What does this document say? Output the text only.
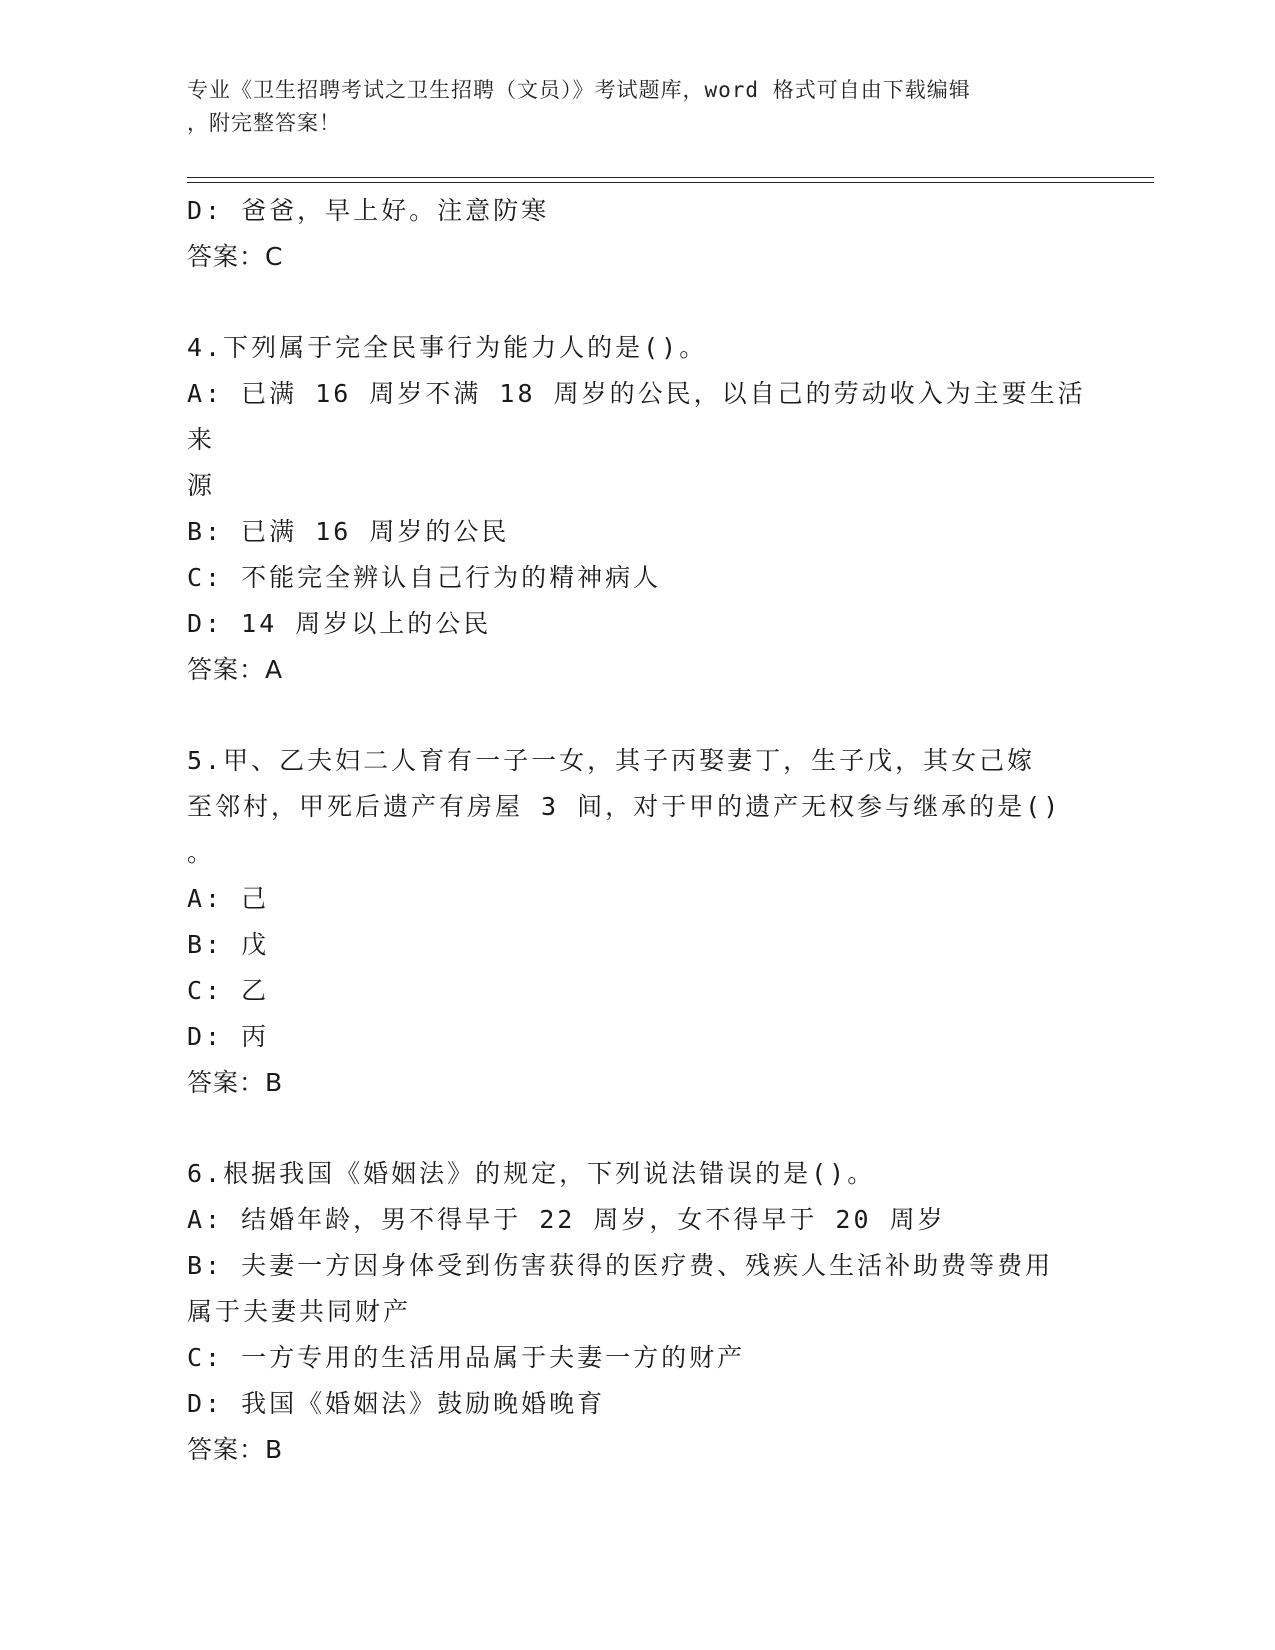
专业《卫生招聘考试之卫生招聘（文员）》考试题库，word 格式可自由下载编辑
，附完整答案！
D: 爸爸，早上好。注意防寒
答案：C
4.下列属于完全民事行为能力人的是()。
A: 已满 16 周岁不满 18 周岁的公民，以自己的劳动收入为主要生活来
源
B: 已满 16 周岁的公民
C: 不能完全辨认自己行为的精神病人
D: 14 周岁以上的公民
答案：A
5.甲、乙夫妇二人育有一子一女，其子丙娶妻丁，生子戊，其女己嫁
至邻村，甲死后遗产有房屋 3 间，对于甲的遗产无权参与继承的是()
。
A: 己
B: 戊
C: 乙
D: 丙
答案：B
6.根据我国《婚姻法》的规定，下列说法错误的是()。
A: 结婚年龄，男不得早于 22 周岁，女不得早于 20 周岁
B: 夫妻一方因身体受到伤害获得的医疗费、残疾人生活补助费等费用
属于夫妻共同财产
C: 一方专用的生活用品属于夫妻一方的财产
D: 我国《婚姻法》鼓励晚婚晚育
答案：B
